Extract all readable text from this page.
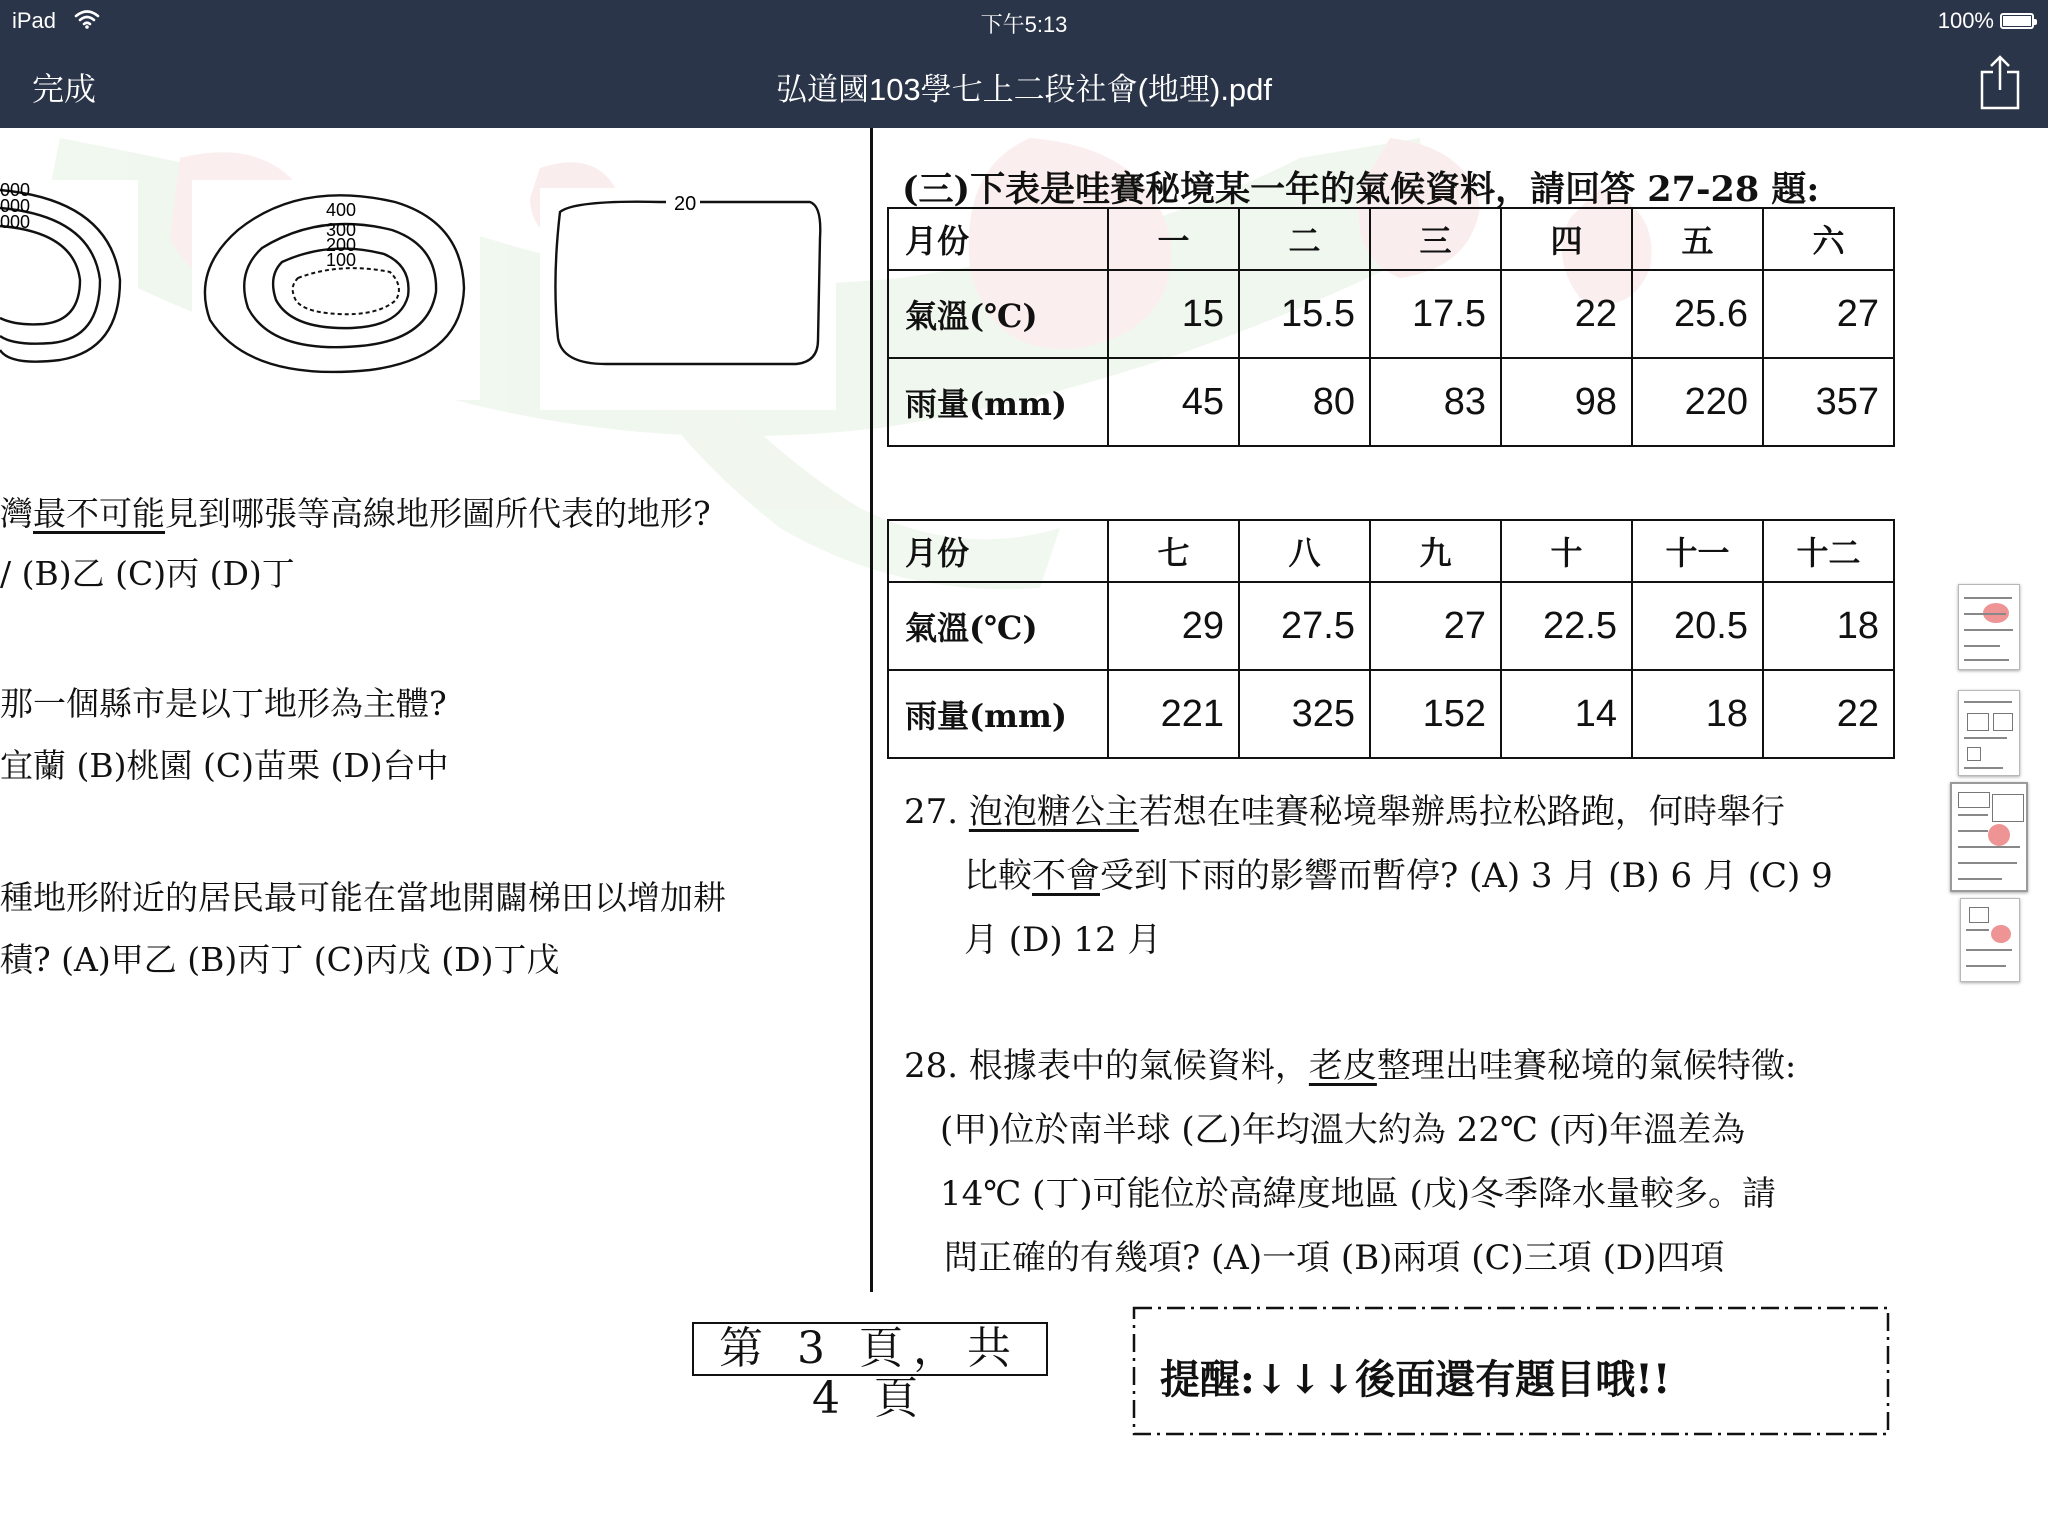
iPad	下午5:13	100%
完成	弘道國103學七上二段社會(地理).pdf
000
000
000
400
300
200
100
20
灣最不可能見到哪張等高線地形圖所代表的地形?
/ (B)乙 (C)丙 (D)丁
那一個縣市是以丁地形為主體?
宜蘭 (B)桃園 (C)苗栗 (D)台中
種地形附近的居民最可能在當地開闢梯田以增加耕
積? (A)甲乙 (B)丙丁 (C)丙戊 (D)丁戊
(三)下表是哇賽秘境某一年的氣候資料，請回答 27-28 題:
月份	一	二	三	四	五	六
氣溫(℃)	15	15.5	17.5	22	25.6	27
雨量(mm)	45	80	83	98	220	357
月份	七	八	九	十	十一	十二
氣溫(℃)	29	27.5	27	22.5	20.5	18
雨量(mm)	221	325	152	14	18	22
27. 泡泡糖公主若想在哇賽秘境舉辦馬拉松路跑，何時舉行
比較不會受到下雨的影響而暫停? (A) 3 月 (B) 6 月 (C) 9
月 (D) 12 月
28. 根據表中的氣候資料，老皮整理出哇賽秘境的氣候特徵:
(甲)位於南半球 (乙)年均溫大約為 22℃ (丙)年溫差為
14℃ (丁)可能位於高緯度地區 (戊)冬季降水量較多。請
問正確的有幾項? (A)一項 (B)兩項 (C)三項 (D)四項
第 3 頁，共 4 頁	提醒:↓↓↓後面還有題目哦!!
